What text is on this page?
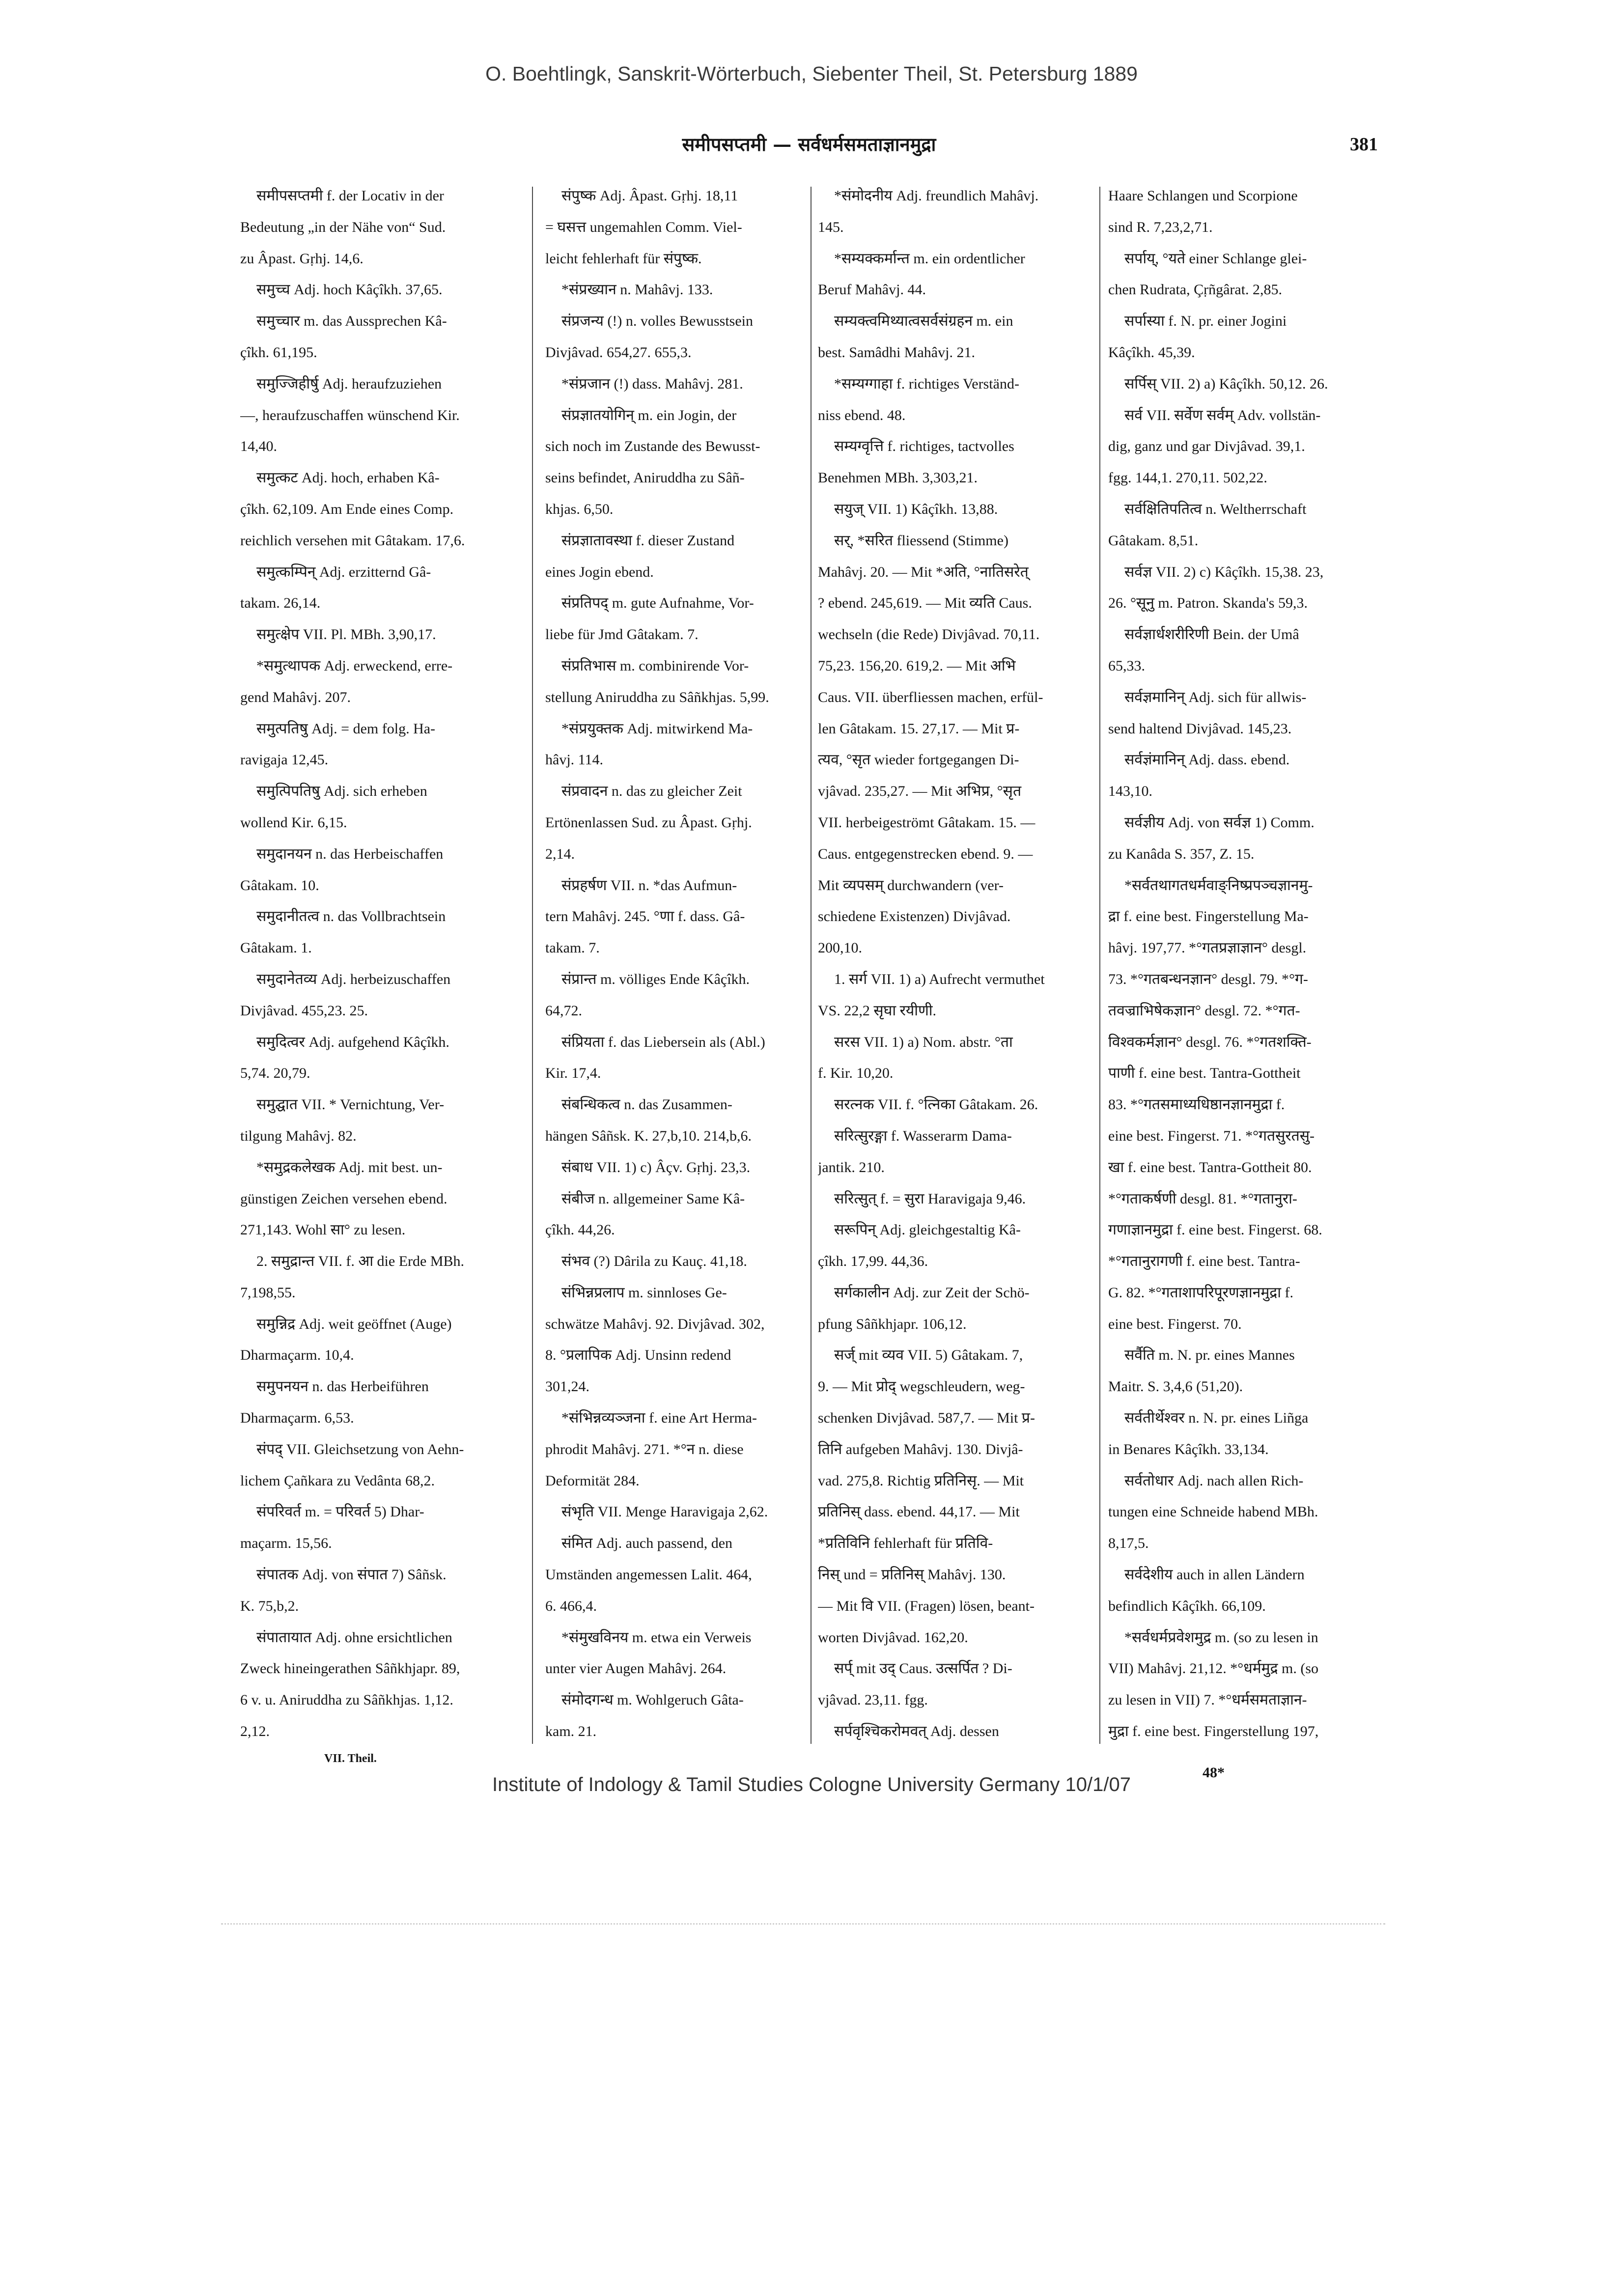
O. Boehtlingk, Sanskrit-Wörterbuch, Siebenter Theil, St. Petersburg 1889
समीपसप्तमी — सर्वधर्मसमताज्ञानमुद्रा	381
समीपसप्तमी f. der Locativ in der
Bedeutung „in der Nähe von“ Sud.
zu Âpast. Gṛhj. 14,6.
समुच्च Adj. hoch Kâçîkh. 37,65.
समुच्चार m. das Aussprechen Kâ-
çîkh. 61,195.
समुज्जिहीर्षु Adj. heraufzuziehen
—, heraufzuschaffen wünschend Kir.
14,40.
समुत्कट Adj. hoch, erhaben Kâ-
çîkh. 62,109. Am Ende eines Comp.
reichlich versehen mit Gâtakam. 17,6.
समुत्कम्पिन् Adj. erzitternd Gâ-
takam. 26,14.
समुत्क्षेप VII. Pl. MBh. 3,90,17.
*समुत्थापक Adj. erweckend, erre-
gend Mahâvj. 207.
समुत्पतिषु Adj. = dem folg. Ha-
ravigaja 12,45.
समुत्पिपतिषु Adj. sich erheben
wollend Kir. 6,15.
समुदानयन n. das Herbeischaffen
Gâtakam. 10.
समुदानीतत्व n. das Vollbrachtsein
Gâtakam. 1.
समुदानेतव्य Adj. herbeizuschaffen
Divjâvad. 455,23. 25.
समुदित्वर Adj. aufgehend Kâçîkh.
5,74. 20,79.
समुद्घात VII. * Vernichtung, Ver-
tilgung Mahâvj. 82.
*समुद्रकलेखक Adj. mit best. un-
günstigen Zeichen versehen ebend.
271,143. Wohl सा° zu lesen.
2. समुद्रान्त VII. f. आ die Erde MBh.
7,198,55.
समुन्निद्र Adj. weit geöffnet (Auge)
Dharmaçarm. 10,4.
समुपनयन n. das Herbeiführen
Dharmaçarm. 6,53.
संपद् VII. Gleichsetzung von Aehn-
lichem Çañkara zu Vedânta 68,2.
संपरिवर्त m. = परिवर्त 5) Dhar-
maçarm. 15,56.
संपातक Adj. von संपात 7) Sâñsk.
K. 75,b,2.
संपातायात Adj. ohne ersichtlichen
Zweck hineingerathen Sâñkhjapr. 89,
6 v. u. Aniruddha zu Sâñkhjas. 1,12.
2,12.
संपुष्क Adj. Âpast. Gṛhj. 18,11
= घसत्त ungemahlen Comm. Viel-
leicht fehlerhaft für संपुष्क.
*संप्रख्यान n. Mahâvj. 133.
संप्रजन्य (!) n. volles Bewusstsein
Divjâvad. 654,27. 655,3.
*संप्रजान (!) dass. Mahâvj. 281.
संप्रज्ञातयोगिन् m. ein Jogin, der
sich noch im Zustande des Bewusst-
seins befindet, Aniruddha zu Sâñ-
khjas. 6,50.
संप्रज्ञातावस्था f. dieser Zustand
eines Jogin ebend.
संप्रतिपद् m. gute Aufnahme, Vor-
liebe für Jmd Gâtakam. 7.
संप्रतिभास m. combinirende Vor-
stellung Aniruddha zu Sâñkhjas. 5,99.
*संप्रयुक्तक Adj. mitwirkend Ma-
hâvj. 114.
संप्रवादन n. das zu gleicher Zeit
Ertönenlassen Sud. zu Âpast. Gṛhj.
2,14.
संप्रहर्षण VII. n. *das Aufmun-
tern Mahâvj. 245. °णा f. dass. Gâ-
takam. 7.
संप्रान्त m. völliges Ende Kâçîkh.
64,72.
संप्रियता f. das Liebersein als (Abl.)
Kir. 17,4.
संबन्धिकत्व n. das Zusammen-
hängen Sâñsk. K. 27,b,10. 214,b,6.
संबाध VII. 1) c) Âçv. Gṛhj. 23,3.
संबीज n. allgemeiner Same Kâ-
çîkh. 44,26.
संभव (?) Dârila zu Kauç. 41,18.
संभिन्नप्रलाप m. sinnloses Ge-
schwätze Mahâvj. 92. Divjâvad. 302,
8. °प्रलापिक Adj. Unsinn redend
301,24.
*संभिन्नव्यञ्जना f. eine Art Herma-
phrodit Mahâvj. 271. *°न n. diese
Deformität 284.
संभृति VII. Menge Haravigaja 2,62.
संमित Adj. auch passend, den
Umständen angemessen Lalit. 464,
6. 466,4.
*संमुखविनय m. etwa ein Verweis
unter vier Augen Mahâvj. 264.
संमोदगन्ध m. Wohlgeruch Gâta-
kam. 21.
*संमोदनीय Adj. freundlich Mahâvj.
145.
*सम्यक्कर्मान्त m. ein ordentlicher
Beruf Mahâvj. 44.
सम्यक्त्वमिथ्यात्वसर्वसंग्रहन m. ein
best. Samâdhi Mahâvj. 21.
*सम्यग्गाहा f. richtiges Verständ-
niss ebend. 48.
सम्यग्वृत्ति f. richtiges, tactvolles
Benehmen MBh. 3,303,21.
सयुज् VII. 1) Kâçîkh. 13,88.
सर्, *सरित fliessend (Stimme)
Mahâvj. 20. — Mit *अति, °नातिसरेत्
? ebend. 245,619. — Mit व्यति Caus.
wechseln (die Rede) Divjâvad. 70,11.
75,23. 156,20. 619,2. — Mit अभि
Caus. VII. überfliessen machen, erfül-
len Gâtakam. 15. 27,17. — Mit प्र-
त्यव, °सृत wieder fortgegangen Di-
vjâvad. 235,27. — Mit अभिप्र, °सृत
VII. herbeigeströmt Gâtakam. 15. —
Caus. entgegenstrecken ebend. 9. —
Mit व्यपसम् durchwandern (ver-
schiedene Existenzen) Divjâvad.
200,10.
1. सर्ग VII. 1) a) Aufrecht vermuthet
VS. 22,2 सृघा रयीणी.
सरस VII. 1) a) Nom. abstr. °ता
f. Kir. 10,20.
सरत्नक VII. f. °त्निका Gâtakam. 26.
सरित्सुरङ्गा f. Wasserarm Dama-
jantik. 210.
सरित्सुत् f. = सुरा Haravigaja 9,46.
सरूपिन् Adj. gleichgestaltig Kâ-
çîkh. 17,99. 44,36.
सर्गकालीन Adj. zur Zeit der Schö-
pfung Sâñkhjapr. 106,12.
सर्ज् mit व्यव VII. 5) Gâtakam. 7,
9. — Mit प्रोद् wegschleudern, weg-
schenken Divjâvad. 587,7. — Mit प्र-
तिनि aufgeben Mahâvj. 130. Divjâ-
vad. 275,8. Richtig प्रतिनिसृ. — Mit
प्रतिनिस् dass. ebend. 44,17. — Mit
*प्रतिविनि fehlerhaft für प्रतिवि-
निस् und = प्रतिनिस् Mahâvj. 130.
— Mit वि VII. (Fragen) lösen, beant-
worten Divjâvad. 162,20.
सर्प् mit उद् Caus. उत्सर्पित ? Di-
vjâvad. 23,11. fgg.
सर्पवृश्चिकरोमवत् Adj. dessen
Haare Schlangen und Scorpione
sind R. 7,23,2,71.
सर्पाय्, °यते einer Schlange glei-
chen Rudrata, Çṛñgârat. 2,85.
सर्पास्या f. N. pr. einer Jogini
Kâçîkh. 45,39.
सर्पिस् VII. 2) a) Kâçîkh. 50,12. 26.
सर्व VII. सर्वेण सर्वम् Adv. vollstän-
dig, ganz und gar Divjâvad. 39,1.
fgg. 144,1. 270,11. 502,22.
सर्वक्षितिपतित्व n. Weltherrschaft
Gâtakam. 8,51.
सर्वज्ञ VII. 2) c) Kâçîkh. 15,38. 23,
26. °सूनु m. Patron. Skanda's 59,3.
सर्वज्ञार्धशरीरिणी Bein. der Umâ
65,33.
सर्वज्ञमानिन् Adj. sich für allwis-
send haltend Divjâvad. 145,23.
सर्वज्ञंमानिन् Adj. dass. ebend.
143,10.
सर्वज्ञीय Adj. von सर्वज्ञ 1) Comm.
zu Kanâda S. 357, Z. 15.
*सर्वतथागतधर्मवाङ्निष्प्रपञ्चज्ञानमु-
द्रा f. eine best. Fingerstellung Ma-
hâvj. 197,77. *°गतप्रज्ञाज्ञान° desgl.
73. *°गतबन्धनज्ञान° desgl. 79. *°ग-
तवज्राभिषेकज्ञान° desgl. 72. *°गत-
विश्वकर्मज्ञान° desgl. 76. *°गतशक्ति-
पाणी f. eine best. Tantra-Gottheit
83. *°गतसमाध्यधिष्ठानज्ञानमुद्रा f.
eine best. Fingerst. 71. *°गतसुरतसु-
खा f. eine best. Tantra-Gottheit 80.
*°गताकर्षणी desgl. 81. *°गतानुरा-
गणाज्ञानमुद्रा f. eine best. Fingerst. 68.
*°गतानुरागणी f. eine best. Tantra-
G. 82. *°गताशापरिपूरणज्ञानमुद्रा f.
eine best. Fingerst. 70.
सर्वैति m. N. pr. eines Mannes
Maitr. S. 3,4,6 (51,20).
सर्वतीर्थेश्वर n. N. pr. eines Liñga
in Benares Kâçîkh. 33,134.
सर्वतोधार Adj. nach allen Rich-
tungen eine Schneide habend MBh.
8,17,5.
सर्वदेशीय auch in allen Ländern
befindlich Kâçîkh. 66,109.
*सर्वधर्मप्रवेशमुद्र m. (so zu lesen in
VII) Mahâvj. 21,12. *°धर्ममुद्र m. (so
zu lesen in VII) 7. *°धर्मसमताज्ञान-
मुद्रा f. eine best. Fingerstellung 197,
VII. Theil.
48*
Institute of Indology & Tamil Studies Cologne University Germany 10/1/07
